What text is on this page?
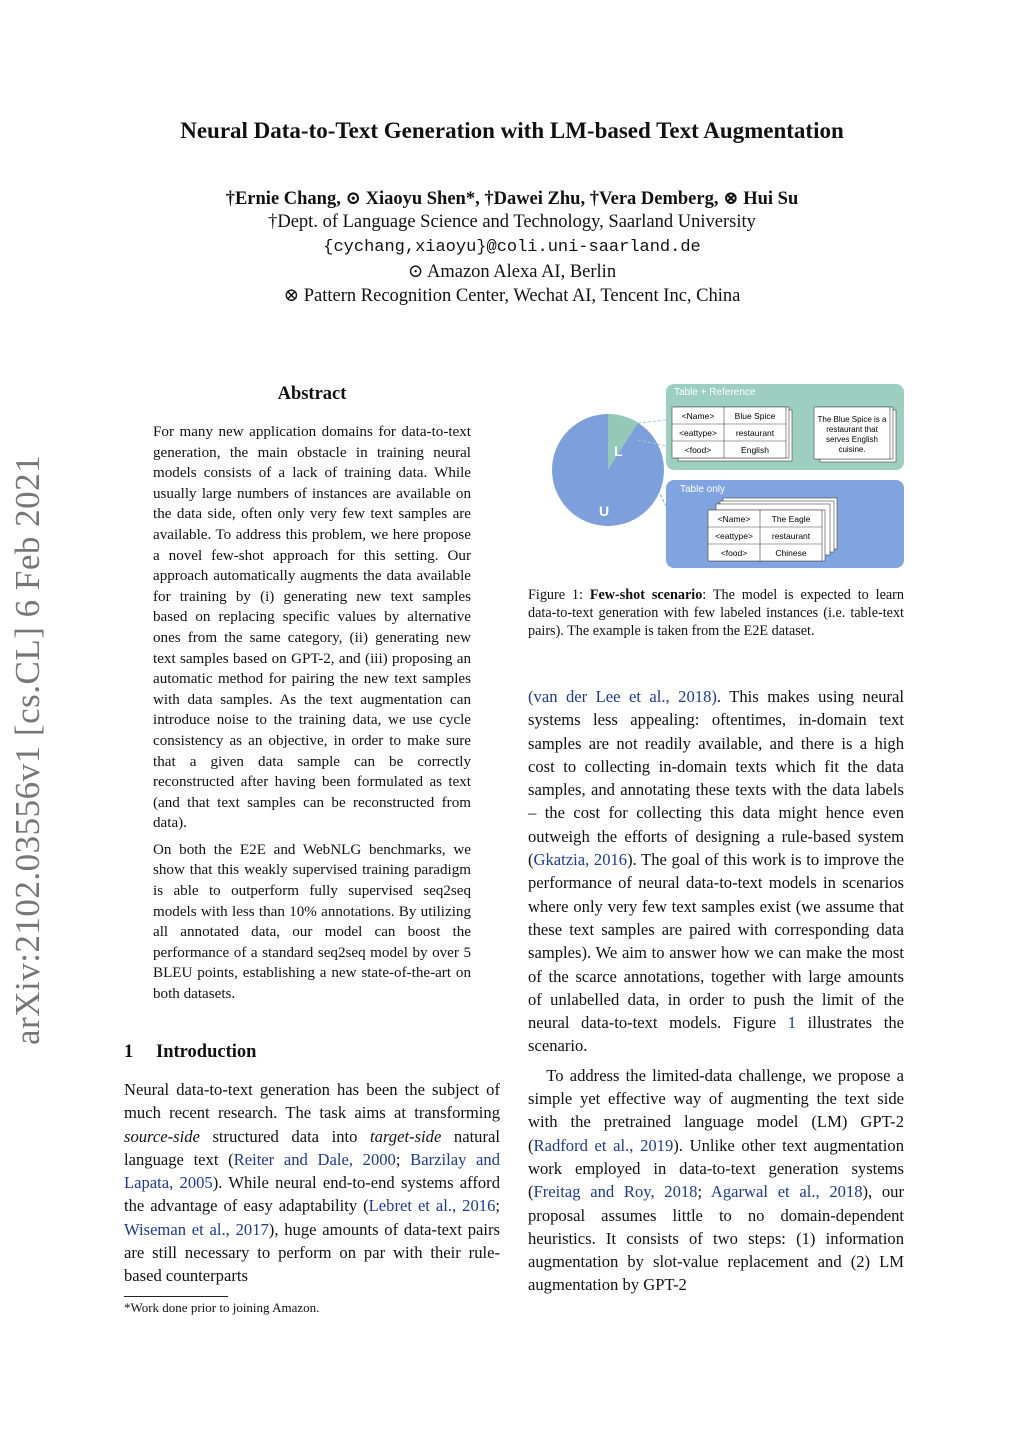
Neural Data-to-Text Generation with LM-based Text Augmentation
†Ernie Chang, ⊙ Xiaoyu Shen*, †Dawei Zhu, †Vera Demberg, ⊗ Hui Su
†Dept. of Language Science and Technology, Saarland University
{cychang,xiaoyu}@coli.uni-saarland.de
⊙ Amazon Alexa AI, Berlin
⊗ Pattern Recognition Center, Wechat AI, Tencent Inc, China
arXiv:2102.03556v1 [cs.CL] 6 Feb 2021
Abstract

For many new application domains for data-to-text generation, the main obstacle in training neural models consists of a lack of training data. While usually large numbers of instances are available on the data side, often only very few text samples are available. To address this problem, we here propose a novel few-shot approach for this setting. Our approach automatically augments the data available for training by (i) generating new text samples based on replacing specific values by alternative ones from the same category, (ii) generating new text samples based on GPT-2, and (iii) proposing an automatic method for pairing the new text samples with data samples. As the text augmentation can introduce noise to the training data, we use cycle consistency as an objective, in order to make sure that a given data sample can be correctly reconstructed after having been formulated as text (and that text samples can be reconstructed from data).

On both the E2E and WebNLG benchmarks, we show that this weakly supervised training paradigm is able to outperform fully supervised seq2seq models with less than 10% annotations. By utilizing all annotated data, our model can boost the performance of a standard seq2seq model by over 5 BLEU points, establishing a new state-of-the-art on both datasets.

1 Introduction
Neural data-to-text generation has been the subject of much recent research. The task aims at transforming source-side structured data into target-side natural language text (Reiter and Dale, 2000; Barzilay and Lapata, 2005). While neural end-to-end systems afford the advantage of easy adaptability (Lebret et al., 2016; Wiseman et al., 2017), huge amounts of data-text pairs are still necessary to perform on par with their rule-based counterparts
*Work done prior to joining Amazon.
L
U
Table + Reference
<Name> Blue Spice
<eattype> restaurant
<food>	English
The Blue Spice is a
restaurant that
serves English
cuisine.
Table only
<Name>	The Eagle
<eattype> restaurant
<food>	Chinese
Figure 1: Few-shot scenario: The model is expected to learn data-to-text generation with few labeled instances (i.e. table-text pairs). The example is taken from the E2E dataset.

(van der Lee et al., 2018). This makes using neural systems less appealing: oftentimes, in-domain text samples are not readily available, and there is a high cost to collecting in-domain texts which fit the data samples, and annotating these texts with the data labels – the cost for collecting this data might hence even outweigh the efforts of designing a rule-based system (Gkatzia, 2016). The goal of this work is to improve the performance of neural data-to-text models in scenarios where only very few text samples exist (we assume that these text samples are paired with corresponding data samples). We aim to answer how we can make the most of the scarce annotations, together with large amounts of unlabelled data, in order to push the limit of the neural data-to-text models. Figure 1 illustrates the scenario.

To address the limited-data challenge, we propose a simple yet effective way of augmenting the text side with the pretrained language model (LM) GPT-2 (Radford et al., 2019). Unlike other text augmentation work employed in data-to-text generation systems (Freitag and Roy, 2018; Agarwal et al., 2018), our proposal assumes little to no domain-dependent heuristics. It consists of two steps: (1) information augmentation by slot-value replacement and (2) LM augmentation by GPT-2
